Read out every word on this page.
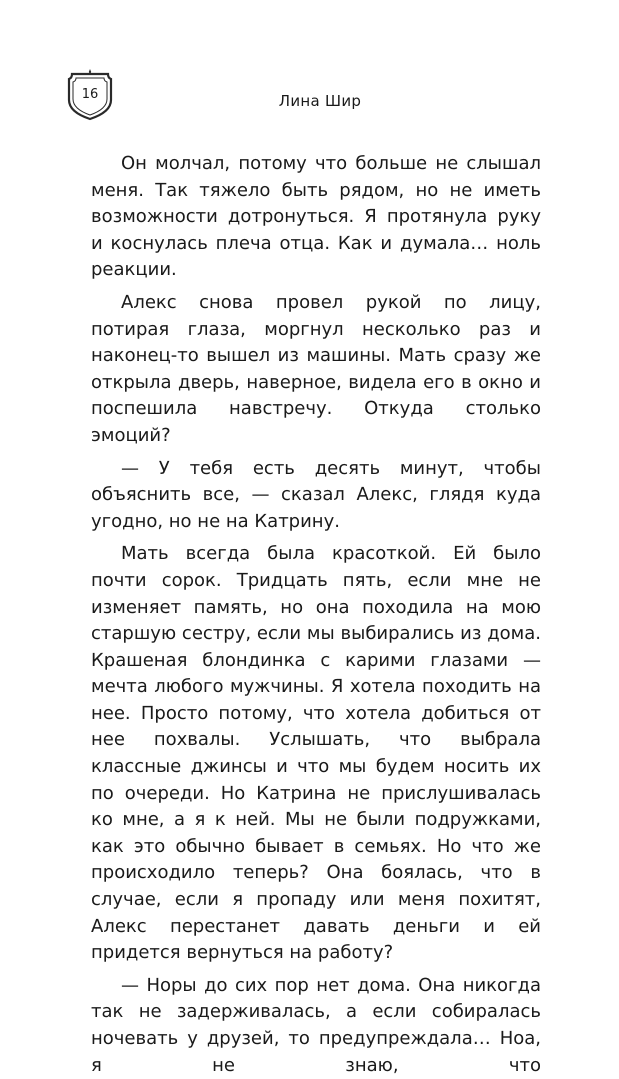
16	Лина Шир

Он молчал, потому что больше не слышал меня. Так тяжело быть рядом, но не иметь возможности дотронуться. Я протянула руку и коснулась плеча отца. Как и думала… ноль реакции.

Алекс снова провел рукой по лицу, потирая глаза, моргнул несколько раз и наконец-то вышел из машины. Мать сразу же открыла дверь, наверное, видела его в окно и поспешила навстречу. Откуда столько эмоций?

— У тебя есть десять минут, чтобы объяснить все, — сказал Алекс, глядя куда угодно, но не на Катрину.

Мать всегда была красоткой. Ей было почти сорок. Тридцать пять, если мне не изменяет память, но она походила на мою старшую сестру, если мы выбирались из дома. Крашеная блондинка с карими глазами — мечта любого мужчины. Я хотела походить на нее. Просто потому, что хотела добиться от нее похвалы. Услышать, что выбрала классные джинсы и что мы будем носить их по очереди. Но Катрина не прислушивалась ко мне, а я к ней. Мы не были подружками, как это обычно бывает в семьях. Но что же происходило теперь? Она боялась, что в случае, если я пропаду или меня похитят, Алекс перестанет давать деньги и ей придется вернуться на работу?

— Норы до сих пор нет дома. Она никогда так не задерживалась, а если собиралась ночевать у друзей, то предупреждала… Ноа, я не знаю, что
